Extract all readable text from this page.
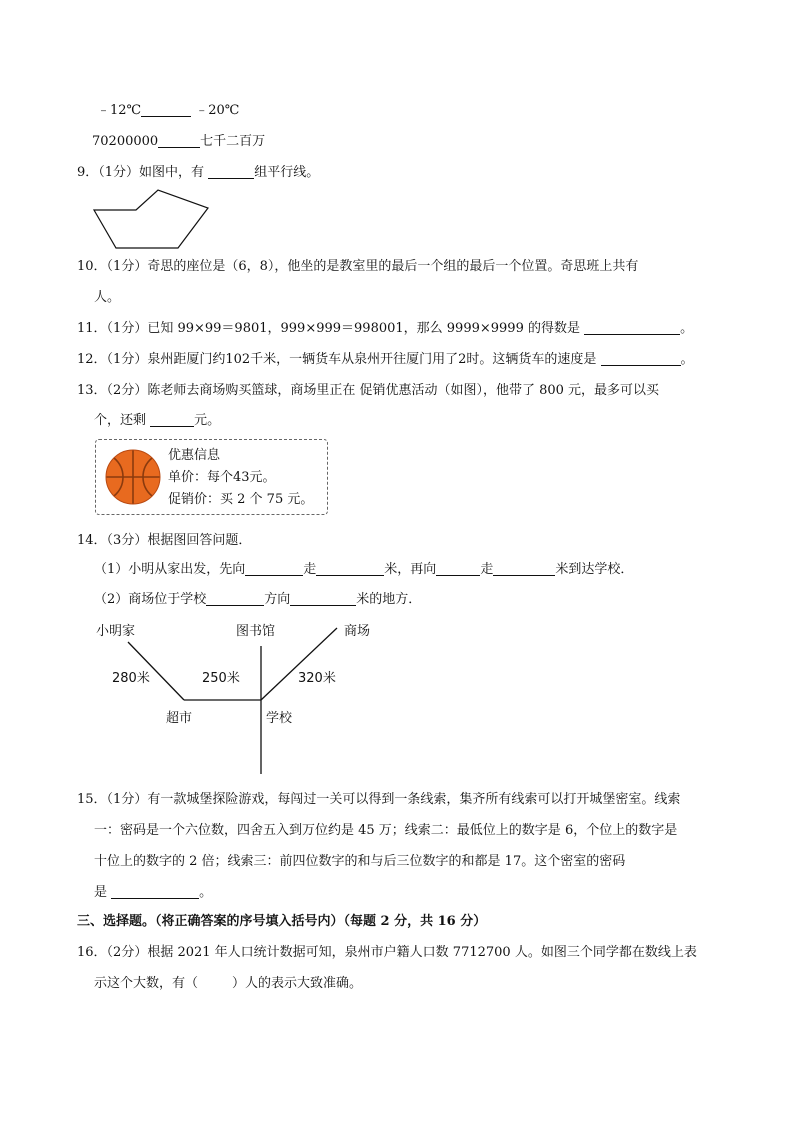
﹣12℃	﹣20℃
70200000	七千二百万
9．（1分）如图中，有	组平行线。
10．（1分）奇思的座位是（6，8），他坐的是教室里的最后一个组的最后一个位置。奇思班上共有
人。
11．（1分）已知 99×99＝9801，999×999＝998001，那么 9999×9999 的得数是	。
12．（1分）泉州距厦门约102千米，一辆货车从泉州开往厦门用了2时。这辆货车的速度是	。
13．（2分）陈老师去商场购买篮球，商场里正在 促销优惠活动（如图），他带了 800 元，最多可以买
个，还剩	元。
优惠信息
单价：每个43元。
促销价：买 2 个 75 元。
14．（3分）根据图回答问题．
（1）小明从家出发，先向	走	米，再向	走	米到达学校．
（2）商场位于学校	方向	米的地方．
小明家	图书馆	商场
280米	250米	320米
超市	学校
15．（1分）有一款城堡探险游戏，每闯过一关可以得到一条线索，集齐所有线索可以打开城堡密室。线索
一：密码是一个六位数，四舍五入到万位约是 45 万；线索二：最低位上的数字是 6，个位上的数字是
十位上的数字的 2 倍；线索三：前四位数字的和与后三位数字的和都是 17。这个密室的密码
是	。
三、选择题。（将正确答案的序号填入括号内）（每题 2 分，共 16 分）
16．（2分）根据 2021 年人口统计数据可知，泉州市户籍人口数 7712700 人。如图三个同学都在数线上表
示这个大数，有（	）人的表示大致准确。
